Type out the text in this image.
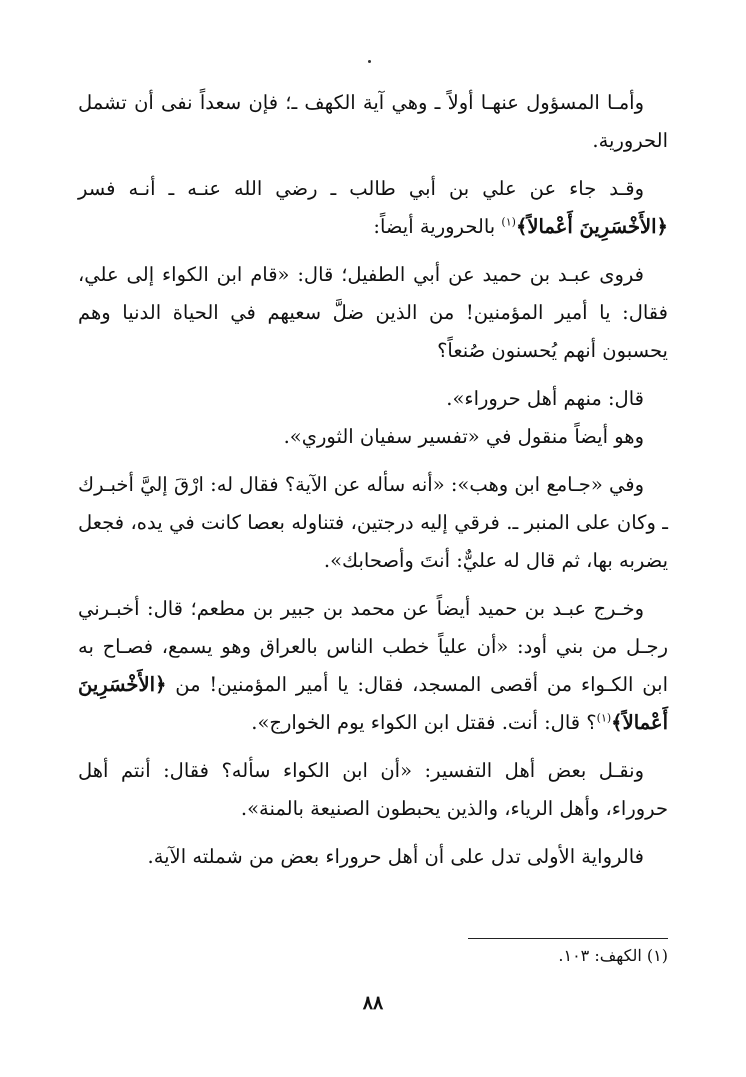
وأمـا المسؤول عنهـا أولاً ـ وهي آية الكهف ـ؛ فإن سعداً نفى أن تشمل الحرورية.

وقـد جاء عن علي بن أبي طالب ـ رضي الله عنـه ـ أنـه فسر ﴿الأَخْسَرِينَ أَعْمالاً﴾$^{(١)}$ بالحرورية أيضاً:

فروى عبـد بن حميد عن أبي الطفيل؛ قال: «قام ابن الكواء إلى علي، فقال: يا أمير المؤمنين! من الذين ضلَّ سعيهم في الحياة الدنيا وهم يحسبون أنهم يُحسنون صُنعاً؟

قال: منهم أهل حروراء».

وهو أيضاً منقول في «تفسير سفيان الثوري».

وفي «جـامع ابن وهب»: «أنه سأله عن الآية؟ فقال له: ارْقَ إليَّ أخبـرك ـ وكان على المنبر ـ. فرقي إليه درجتين، فتناوله بعصا كانت في يده، فجعل يضربه بها، ثم قال له عليٌّ: أنتَ وأصحابك».

وخـرج عبـد بن حميد أيضاً عن محمد بن جبير بن مطعم؛ قال: أخبـرني رجـل من بني أود: «أن علياً خطب الناس بالعراق وهو يسمع، فصـاح به ابن الكـواء من أقصى المسجد، فقال: يا أمير المؤمنين! من ﴿الأَخْسَرِينَ أَعْمالاً﴾$^{(١)}$؟ قال: أنت. فقتل ابن الكواء يوم الخوارج».

ونقـل بعض أهل التفسير: «أن ابن الكواء سأله؟ فقال: أنتم أهل حروراء، وأهل الرياء، والذين يحبطون الصنيعة بالمنة».

فالرواية الأولى تدل على أن أهل حروراء بعض من شملته الآية.

(١) الكهف: ١٠٣.
٨٨
